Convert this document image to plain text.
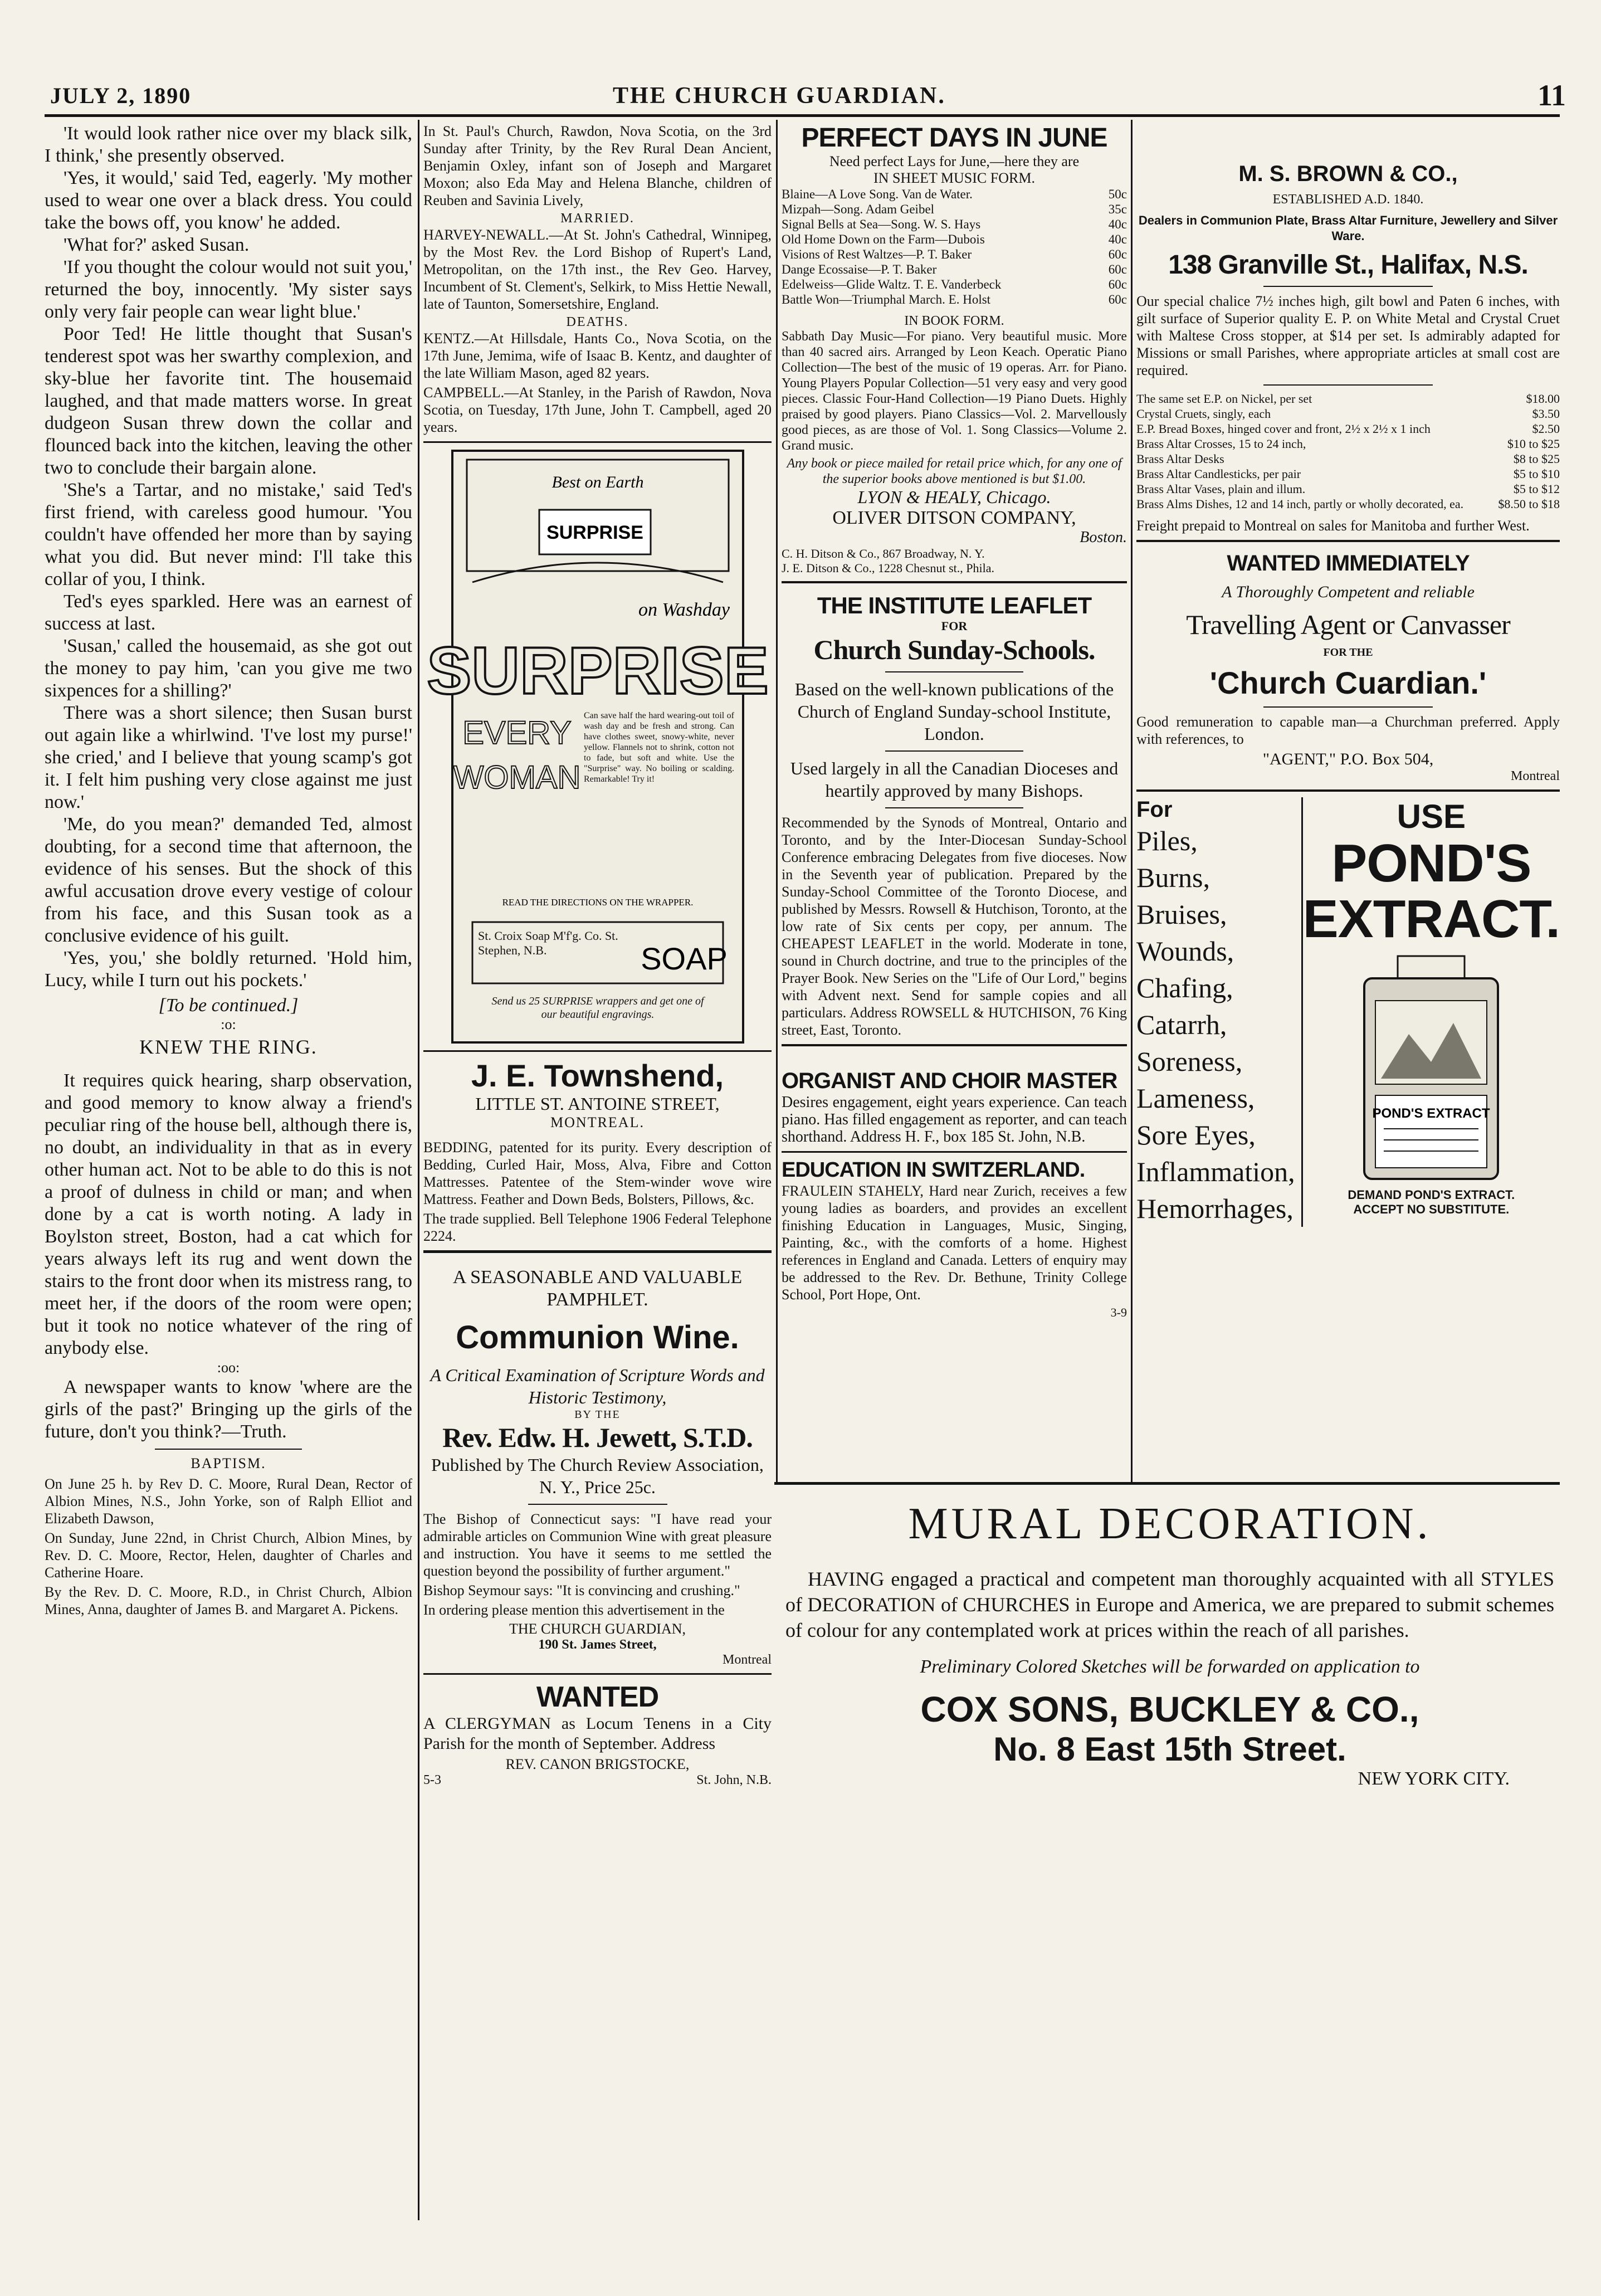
JULY 2, 1890	THE CHURCH GUARDIAN.	11

'It would look rather nice over my black silk, I think,' she presently observed.

'Yes, it would,' said Ted, eagerly. 'My mother used to wear one over a black dress. You could take the bows off, you know' he added.

'What for?' asked Susan.

'If you thought the colour would not suit you,' returned the boy, innocently. 'My sister says only very fair people can wear light blue.'

Poor Ted! He little thought that Susan's tenderest spot was her swarthy complexion, and sky-blue her favorite tint. The housemaid laughed, and that made matters worse. In great dudgeon Susan threw down the collar and flounced back into the kitchen, leaving the other two to conclude their bargain alone.

'She's a Tartar, and no mistake,' said Ted's first friend, with careless good humour. 'You couldn't have offended her more than by saying what you did. But never mind: I'll take this collar of you, I think.

Ted's eyes sparkled. Here was an earnest of success at last.

'Susan,' called the housemaid, as she got out the money to pay him, 'can you give me two sixpences for a shilling?'

There was a short silence; then Susan burst out again like a whirlwind. 'I've lost my purse!' she cried,' and I believe that young scamp's got it. I felt him pushing very close against me just now.'

'Me, do you mean?' demanded Ted, almost doubting, for a second time that afternoon, the evidence of his senses. But the shock of this awful accusation drove every vestige of colour from his face, and this Susan took as a conclusive evidence of his guilt.

'Yes, you,' she boldly returned. 'Hold him, Lucy, while I turn out his pockets.'

[To be continued.]
:o:
KNEW THE RING.

It requires quick hearing, sharp observation, and good memory to know alway a friend's peculiar ring of the house bell, although there is, no doubt, an individuality in that as in every other human act. Not to be able to do this is not a proof of dulness in child or man; and when done by a cat is worth noting. A lady in Boylston street, Boston, had a cat which for years always left its rug and went down the stairs to the front door when its mistress rang, to meet her, if the doors of the room were open; but it took no notice whatever of the ring of anybody else.

:oo:

A newspaper wants to know 'where are the girls of the past?' Bringing up the girls of the future, don't you think?—Truth.

BAPTISM.

On June 25 h. by Rev D. C. Moore, Rural Dean, Rector of Albion Mines, N.S., John Yorke, son of Ralph Elliot and Elizabeth Dawson,

On Sunday, June 22nd, in Christ Church, Albion Mines, by Rev. D. C. Moore, Rector, Helen, daughter of Charles and Catherine Hoare.

By the Rev. D. C. Moore, R.D., in Christ Church, Albion Mines, Anna, daughter of James B. and Margaret A. Pickens.

In St. Paul's Church, Rawdon, Nova Scotia, on the 3rd Sunday after Trinity, by the Rev Rural Dean Ancient, Benjamin Oxley, infant son of Joseph and Margaret Moxon; also Eda May and Helena Blanche, children of Reuben and Savinia Lively,

MARRIED.

HARVEY-NEWALL.—At St. John's Cathedral, Winnipeg, by the Most Rev. the Lord Bishop of Rupert's Land, Metropolitan, on the 17th inst., the Rev Geo. Harvey, Incumbent of St. Clement's, Selkirk, to Miss Hettie Newall, late of Taunton, Somersetshire, England.

DEATHS.

KENTZ.—At Hillsdale, Hants Co., Nova Scotia, on the 17th June, Jemima, wife of Isaac B. Kentz, and daughter of the late William Mason, aged 82 years.

CAMPBELL.—At Stanley, in the Parish of Rawdon, Nova Scotia, on Tuesday, 17th June, John T. Campbell, aged 20 years.

Best on Earth
SURPRISE
on Washday
SURPRISE
EVERY
WOMAN
Can save half the hard wearing-out toil of wash day and be fresh and strong. Can have clothes sweet, snowy-white, never yellow. Flannels not to shrink, cotton not to fade, but soft and white. Use the "Surprise" way. No boiling or scalding. Remarkable! Try it!
READ THE DIRECTIONS ON THE WRAPPER.
St. Croix Soap M'f'g. Co. St. Stephen, N.B.	SOAP
Send us 25 SURPRISE wrappers and get one of our beautiful engravings.
J. E. Townshend,
LITTLE ST. ANTOINE STREET,
MONTREAL.

BEDDING, patented for its purity. Every description of Bedding, Curled Hair, Moss, Alva, Fibre and Cotton Mattresses. Patentee of the Stem-winder wove wire Mattress. Feather and Down Beds, Bolsters, Pillows, &c.

The trade supplied. Bell Telephone 1906 Federal Telephone 2224.

A SEASONABLE AND VALUABLE PAMPHLET.
Communion Wine.
A Critical Examination of Scripture Words and Historic Testimony,
BY THE
Rev. Edw. H. Jewett, S.T.D.
Published by The Church Review Association, N. Y., Price 25c.

The Bishop of Connecticut says: "I have read your admirable articles on Communion Wine with great pleasure and instruction. You have it seems to me settled the question beyond the possibility of further argument."

Bishop Seymour says: "It is convincing and crushing."

In ordering please mention this advertisement in the

THE CHURCH GUARDIAN,
190 St. James Street,
Montreal
WANTED

A CLERGYMAN as Locum Tenens in a City Parish for the month of September. Address

REV. CANON BRIGSTOCKE,
5-3	St. John, N.B.
PERFECT DAYS IN JUNE
Need perfect Lays for June,—here they are
IN SHEET MUSIC FORM.
Blaine—A Love Song. Van de Water.	50c
Mizpah—Song. Adam Geibel	35c
Signal Bells at Sea—Song. W. S. Hays	40c
Old Home Down on the Farm—Dubois	40c
Visions of Rest Waltzes—P. T. Baker	60c
Dange Ecossaise—P. T. Baker	60c
Edelweiss—Glide Waltz. T. E. Vanderbeck	60c
Battle Won—Triumphal March. E. Holst	60c
IN BOOK FORM.

Sabbath Day Music—For piano. Very beautiful music. More than 40 sacred airs. Arranged by Leon Keach. Operatic Piano Collection—The best of the music of 19 operas. Arr. for Piano. Young Players Popular Collection—51 very easy and very good pieces. Classic Four-Hand Collection—19 Piano Duets. Highly praised by good players. Piano Classics—Vol. 2. Marvellously good pieces, as are those of Vol. 1. Song Classics—Volume 2. Grand music.

Any book or piece mailed for retail price which, for any one of the superior books above mentioned is but $1.00.
LYON & HEALY, Chicago.
OLIVER DITSON COMPANY,
Boston.
C. H. Ditson & Co., 867 Broadway, N. Y.
J. E. Ditson & Co., 1228 Chesnut st., Phila.
THE INSTITUTE LEAFLET
FOR
Church Sunday-Schools.
Based on the well-known publications of the Church of England Sunday-school Institute, London.
Used largely in all the Canadian Dioceses and heartily approved by many Bishops.

Recommended by the Synods of Montreal, Ontario and Toronto, and by the Inter-Diocesan Sunday-School Conference embracing Delegates from five dioceses. Now in the Seventh year of publication. Prepared by the Sunday-School Committee of the Toronto Diocese, and published by Messrs. Rowsell & Hutchison, Toronto, at the low rate of Six cents per copy, per annum. The CHEAPEST LEAFLET in the world. Moderate in tone, sound in Church doctrine, and true to the principles of the Prayer Book. New Series on the "Life of Our Lord," begins with Advent next. Send for sample copies and all particulars. Address ROWSELL & HUTCHISON, 76 King street, East, Toronto.

ORGANIST AND CHOIR MASTER

Desires engagement, eight years experience. Can teach piano. Has filled engagement as reporter, and can teach shorthand. Address H. F., box 185 St. John, N.B.

EDUCATION IN SWITZERLAND.

FRAULEIN STAHELY, Hard near Zurich, receives a few young ladies as boarders, and provides an excellent finishing Education in Languages, Music, Singing, Painting, &c., with the comforts of a home. Highest references in England and Canada. Letters of enquiry may be addressed to the Rev. Dr. Bethune, Trinity College School, Port Hope, Ont.

3-9
M. S. BROWN & CO.,
ESTABLISHED A.D. 1840.
Dealers in Communion Plate, Brass Altar Furniture, Jewellery and Silver Ware.
138 Granville St., Halifax, N.S.

Our special chalice 7½ inches high, gilt bowl and Paten 6 inches, with gilt surface of Superior quality E. P. on White Metal and Crystal Cruet with Maltese Cross stopper, at $14 per set. Is admirably adapted for Missions or small Parishes, where appropriate articles at small cost are required.

The same set E.P. on Nickel, per set	$18.00
Crystal Cruets, singly, each	$3.50
E.P. Bread Boxes, hinged cover and front, 2½ x 2½ x 1 inch	$2.50
Brass Altar Crosses, 15 to 24 inch,	$10 to $25
Brass Altar Desks	$8 to $25
Brass Altar Candlesticks, per pair	$5 to $10
Brass Altar Vases, plain and illum.	$5 to $12
Brass Alms Dishes, 12 and 14 inch, partly or wholly decorated, ea.	$8.50 to $18

Freight prepaid to Montreal on sales for Manitoba and further West.

WANTED IMMEDIATELY
A Thoroughly Competent and reliable
Travelling Agent or Canvasser
FOR THE
'Church Cuardian.'

Good remuneration to capable man—a Churchman preferred. Apply with references, to

"AGENT," P.O. Box 504,
Montreal
For
Piles,
Burns,
Bruises,
Wounds,
Chafing,
Catarrh,
Soreness,
Lameness,
Sore Eyes,
Inflammation,
Hemorrhages,
USE
POND'S
EXTRACT.
POND'S EXTRACT
DEMAND POND'S EXTRACT.
ACCEPT NO SUBSTITUTE.
MURAL DECORATION.
HAVING engaged a practical and competent man thoroughly acquainted with all STYLES of DECORATION of CHURCHES in Europe and America, we are prepared to submit schemes of colour for any contemplated work at prices within the reach of all parishes.
Preliminary Colored Sketches will be forwarded on application to
COX SONS, BUCKLEY & CO.,
No. 8 East 15th Street.
NEW YORK CITY.
